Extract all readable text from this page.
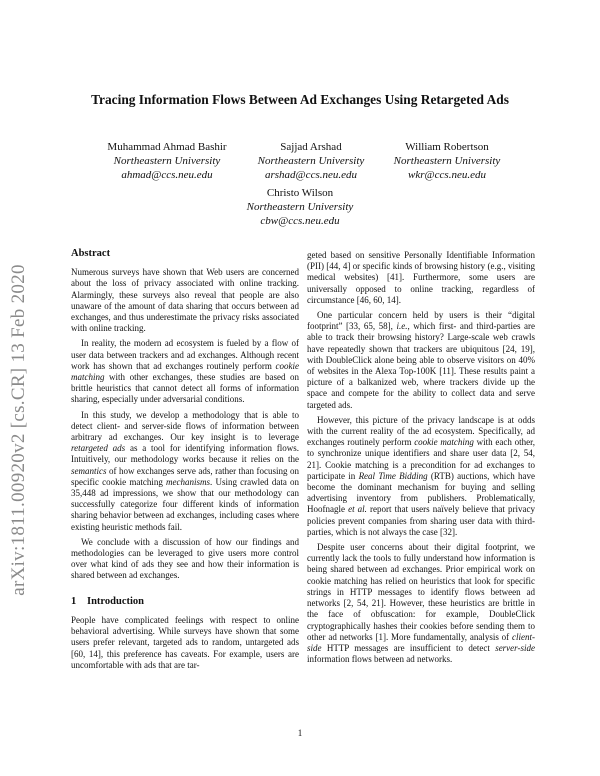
arXiv:1811.00920v2 [cs.CR] 13 Feb 2020
Tracing Information Flows Between Ad Exchanges Using Retargeted Ads
Muhammad Ahmad Bashir
Northeastern University
ahmad@ccs.neu.edu
Sajjad Arshad
Northeastern University
arshad@ccs.neu.edu
William Robertson
Northeastern University
wkr@ccs.neu.edu
Christo Wilson
Northeastern University
cbw@ccs.neu.edu
Abstract

Numerous surveys have shown that Web users are concerned about the loss of privacy associated with online tracking. Alarmingly, these surveys also reveal that people are also unaware of the amount of data sharing that occurs between ad exchanges, and thus underestimate the privacy risks associated with online tracking.

In reality, the modern ad ecosystem is fueled by a flow of user data between trackers and ad exchanges. Although recent work has shown that ad exchanges routinely perform cookie matching with other exchanges, these studies are based on brittle heuristics that cannot detect all forms of information sharing, especially under adversarial conditions.

In this study, we develop a methodology that is able to detect client- and server-side flows of information between arbitrary ad exchanges. Our key insight is to leverage retargeted ads as a tool for identifying information flows. Intuitively, our methodology works because it relies on the semantics of how exchanges serve ads, rather than focusing on specific cookie matching mechanisms. Using crawled data on 35,448 ad impressions, we show that our methodology can successfully categorize four different kinds of information sharing behavior between ad exchanges, including cases where existing heuristic methods fail.

We conclude with a discussion of how our findings and methodologies can be leveraged to give users more control over what kind of ads they see and how their information is shared between ad exchanges.

1 Introduction

People have complicated feelings with respect to online behavioral advertising. While surveys have shown that some users prefer relevant, targeted ads to random, untargeted ads [60, 14], this preference has caveats. For example, users are uncomfortable with ads that are tar-

geted based on sensitive Personally Identifiable Information (PII) [44, 4] or specific kinds of browsing history (e.g., visiting medical websites) [41]. Furthermore, some users are universally opposed to online tracking, regardless of circumstance [46, 60, 14].

One particular concern held by users is their “digital footprint” [33, 65, 58], i.e., which first- and third-parties are able to track their browsing history? Large-scale web crawls have repeatedly shown that trackers are ubiquitous [24, 19], with DoubleClick alone being able to observe visitors on 40% of websites in the Alexa Top-100K [11]. These results paint a picture of a balkanized web, where trackers divide up the space and compete for the ability to collect data and serve targeted ads.

However, this picture of the privacy landscape is at odds with the current reality of the ad ecosystem. Specifically, ad exchanges routinely perform cookie matching with each other, to synchronize unique identifiers and share user data [2, 54, 21]. Cookie matching is a precondition for ad exchanges to participate in Real Time Bidding (RTB) auctions, which have become the dominant mechanism for buying and selling advertising inventory from publishers. Problematically, Hoofnagle et al. report that users naïvely believe that privacy policies prevent companies from sharing user data with third-parties, which is not always the case [32].

Despite user concerns about their digital footprint, we currently lack the tools to fully understand how information is being shared between ad exchanges. Prior empirical work on cookie matching has relied on heuristics that look for specific strings in HTTP messages to identify flows between ad networks [2, 54, 21]. However, these heuristics are brittle in the face of obfuscation: for example, DoubleClick cryptographically hashes their cookies before sending them to other ad networks [1]. More fundamentally, analysis of client-side HTTP messages are insufficient to detect server-side information flows between ad networks.

1
